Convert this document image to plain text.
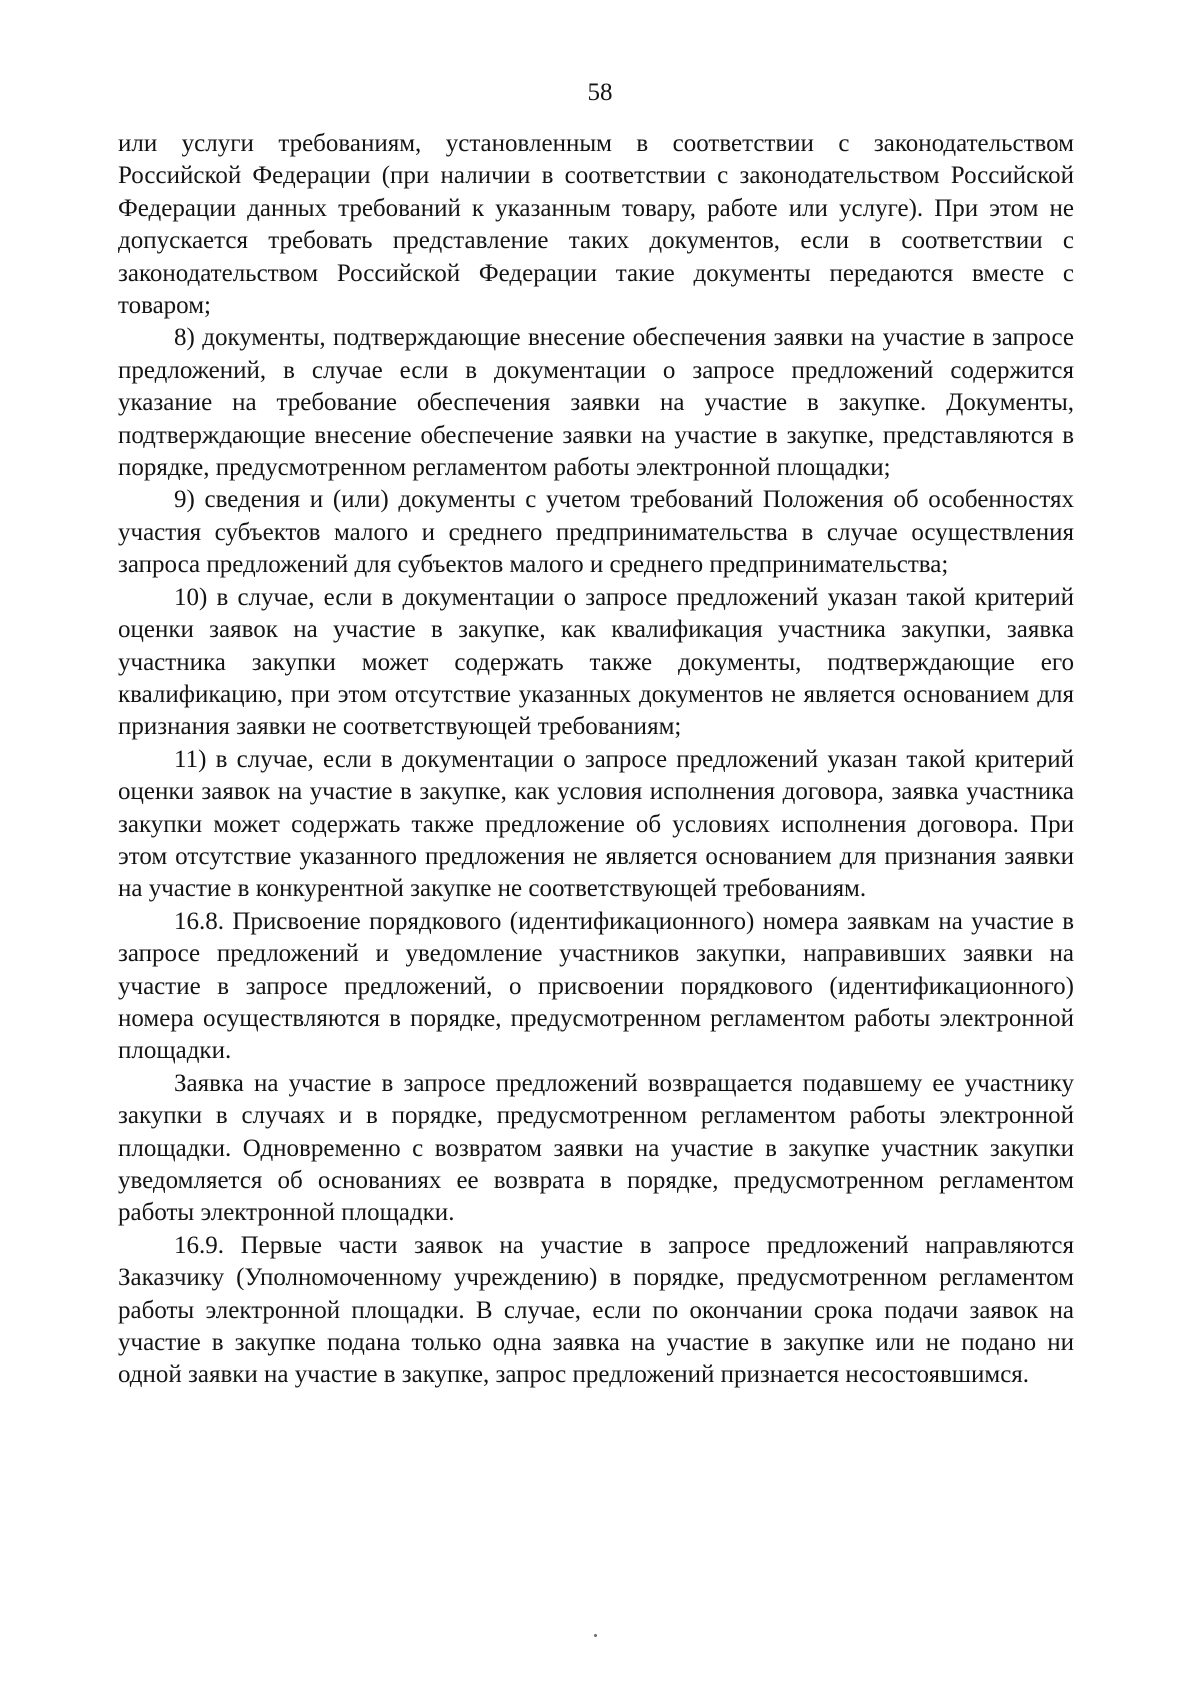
58

или услуги требованиям, установленным в соответствии с законодательством Российской Федерации (при наличии в соответствии с законодательством Российской Федерации данных требований к указанным товару, работе или услуге). При этом не допускается требовать представление таких документов, если в соответствии с законодательством Российской Федерации такие документы передаются вместе с товаром;

8) документы, подтверждающие внесение обеспечения заявки на участие в запросе предложений, в случае если в документации о запросе предложений содержится указание на требование обеспечения заявки на участие в закупке. Документы, подтверждающие внесение обеспечение заявки на участие в закупке, представляются в порядке, предусмотренном регламентом работы электронной площадки;

9) сведения и (или) документы с учетом требований Положения об особенностях участия субъектов малого и среднего предпринимательства в случае осуществления запроса предложений для субъектов малого и среднего предпринимательства;

10) в случае, если в документации о запросе предложений указан такой критерий оценки заявок на участие в закупке, как квалификация участника закупки, заявка участника закупки может содержать также документы, подтверждающие его квалификацию, при этом отсутствие указанных документов не является основанием для признания заявки не соответствующей требованиям;

11) в случае, если в документации о запросе предложений указан такой критерий оценки заявок на участие в закупке, как условия исполнения договора, заявка участника закупки может содержать также предложение об условиях исполнения договора. При этом отсутствие указанного предложения не является основанием для признания заявки на участие в конкурентной закупке не соответствующей требованиям.

16.8. Присвоение порядкового (идентификационного) номера заявкам на участие в запросе предложений и уведомление участников закупки, направивших заявки на участие в запросе предложений, о присвоении порядкового (идентификационного) номера осуществляются в порядке, предусмотренном регламентом работы электронной площадки.

Заявка на участие в запросе предложений возвращается подавшему ее участнику закупки в случаях и в порядке, предусмотренном регламентом работы электронной площадки. Одновременно с возвратом заявки на участие в закупке участник закупки уведомляется об основаниях ее возврата в порядке, предусмотренном регламентом работы электронной площадки.

16.9. Первые части заявок на участие в запросе предложений направляются Заказчику (Уполномоченному учреждению) в порядке, предусмотренном регламентом работы электронной площадки. В случае, если по окончании срока подачи заявок на участие в закупке подана только одна заявка на участие в закупке или не подано ни одной заявки на участие в закупке, запрос предложений признается несостоявшимся.
